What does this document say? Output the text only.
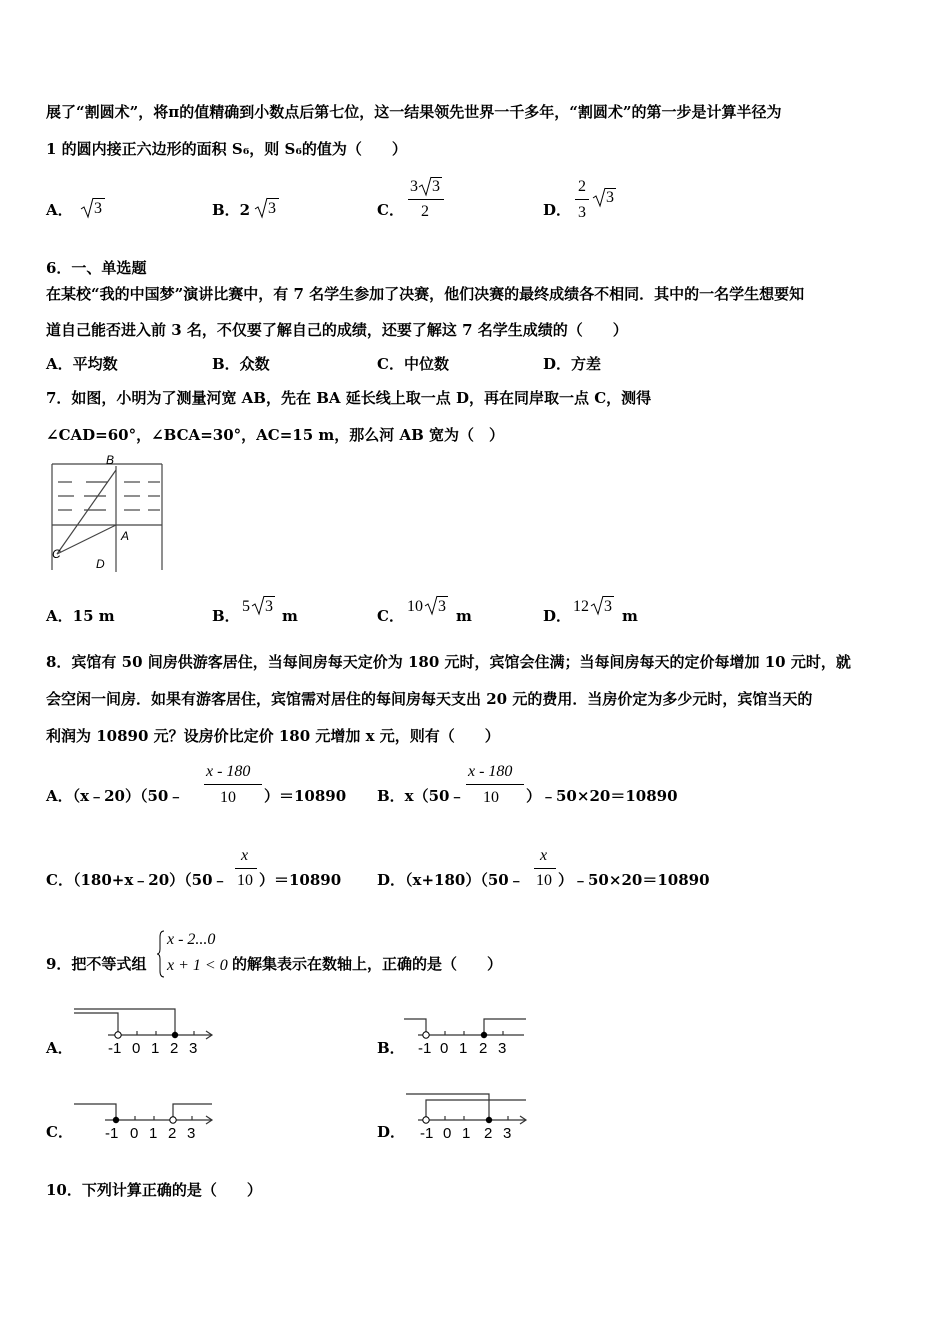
展了“割圆术”，将π的值精确到小数点后第七位，这一结果领先世界一千多年，“割圆术”的第一步是计算半径为
1 的圆内接正六边形的面积 S₆，则 S₆的值为（　　）
A． 3	B．2 3	C．
3 3
2	D．
2
3
3
6．一、单选题
在某校“我的中国梦”演讲比赛中，有 7 名学生参加了决赛，他们决赛的最终成绩各不相同．其中的一名学生想要知
道自己能否进入前 3 名，不仅要了解自己的成绩，还要了解这 7 名学生成绩的（　　）
A．平均数	B．众数	C．中位数	D．方差
7．如图，小明为了测量河宽 AB，先在 BA 延长线上取一点 D，再在同岸取一点 C，测得
∠CAD=60°，∠BCA=30°，AC=15 m，那么河 AB 宽为（　）
B
A
C
D
A．15 m	B．
5 3
m	C．
10 3
m	D．
12 3
m
8．宾馆有 50 间房供游客居住，当每间房每天定价为 180 元时，宾馆会住满；当每间房每天的定价每增加 10 元时，就
会空闲一间房．如果有游客居住，宾馆需对居住的每间房每天支出 20 元的费用．当房价定为多少元时，宾馆当天的
利润为 10890 元？设房价比定价 180 元增加 x 元，则有（　　）
A．（x﹣20）（50﹣
x - 180
10 ）＝10890 B．x（50﹣
x - 180
10 ）﹣50×20＝10890
C．（180+x﹣20）（50﹣
x
10 ）＝10890 D．（x+180）（50﹣
x
10 ）﹣50×20＝10890
9．把不等式组
x - 2...0
x + 1 < 0 的解集表示在数轴上，正确的是（　　）
A． -1 0 1 2 3	B． -1 0 1 2 3
C． -1 0 1 2 3	D． -1 0 1 2 3
10．下列计算正确的是（　　）
